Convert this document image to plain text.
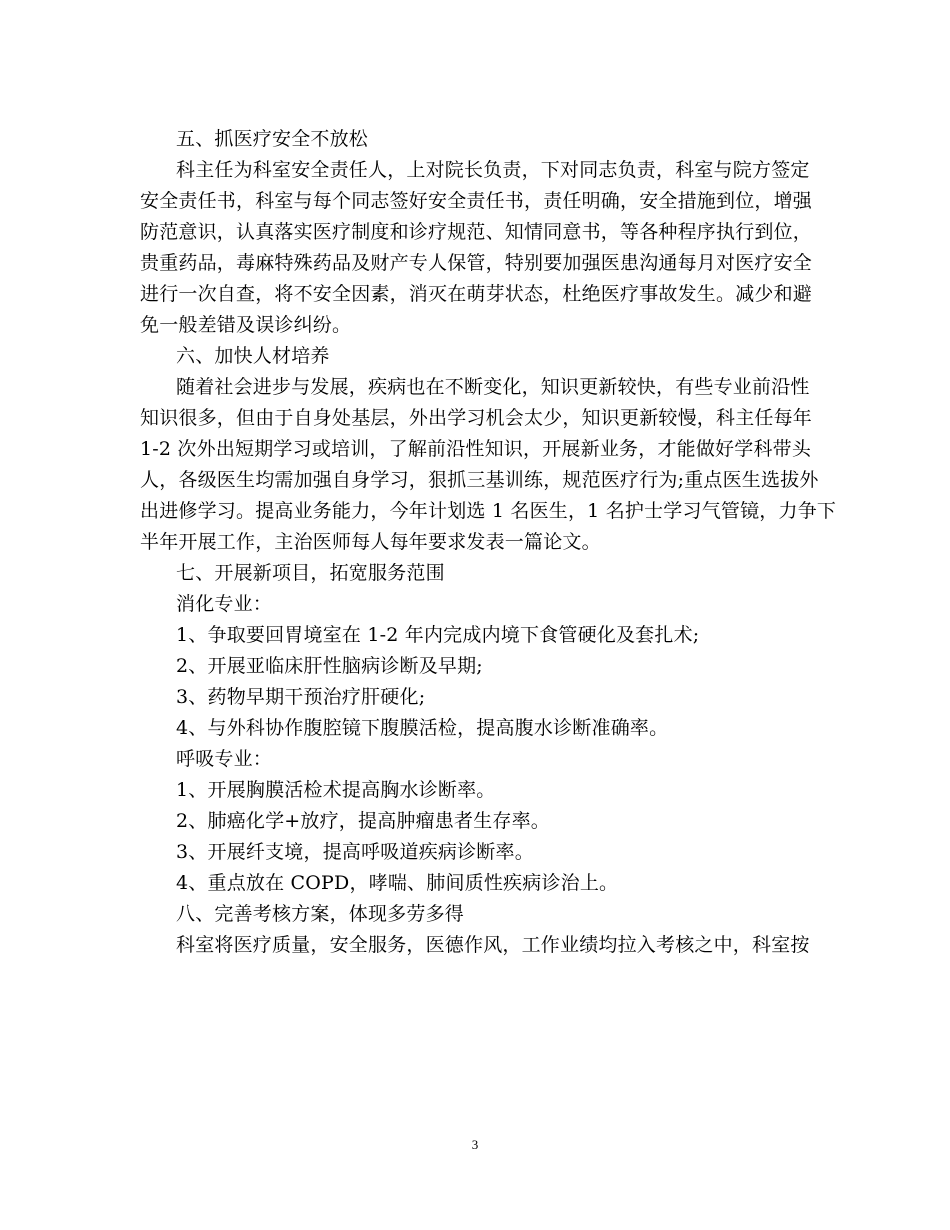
五、抓医疗安全不放松

科主任为科室安全责任人，上对院长负责，下对同志负责，科室与院方签定

安全责任书，科室与每个同志签好安全责任书，责任明确，安全措施到位，增强

防范意识，认真落实医疗制度和诊疗规范、知情同意书，等各种程序执行到位，

贵重药品，毒麻特殊药品及财产专人保管，特别要加强医患沟通每月对医疗安全

进行一次自查，将不安全因素，消灭在萌芽状态，杜绝医疗事故发生。减少和避

免一般差错及误诊纠纷。

六、加快人材培养

随着社会进步与发展，疾病也在不断变化，知识更新较快，有些专业前沿性

知识很多，但由于自身处基层，外出学习机会太少，知识更新较慢，科主任每年

1-2 次外出短期学习或培训，了解前沿性知识，开展新业务，才能做好学科带头

人，各级医生均需加强自身学习，狠抓三基训练，规范医疗行为;重点医生选拔外

出进修学习。提高业务能力，今年计划选 1 名医生，1 名护士学习气管镜，力争下

半年开展工作，主治医师每人每年要求发表一篇论文。

七、开展新项目，拓宽服务范围

消化专业：

1、争取要回胃境室在 1-2 年内完成内境下食管硬化及套扎术;

2、开展亚临床肝性脑病诊断及早期;

3、药物早期干预治疗肝硬化;

4、与外科协作腹腔镜下腹膜活检，提高腹水诊断准确率。

呼吸专业：

1、开展胸膜活检术提高胸水诊断率。

2、肺癌化学+放疗，提高肿瘤患者生存率。

3、开展纤支境，提高呼吸道疾病诊断率。

4、重点放在 COPD，哮喘、肺间质性疾病诊治上。

八、完善考核方案，体现多劳多得

科室将医疗质量，安全服务，医德作风，工作业绩均拉入考核之中，科室按

3
